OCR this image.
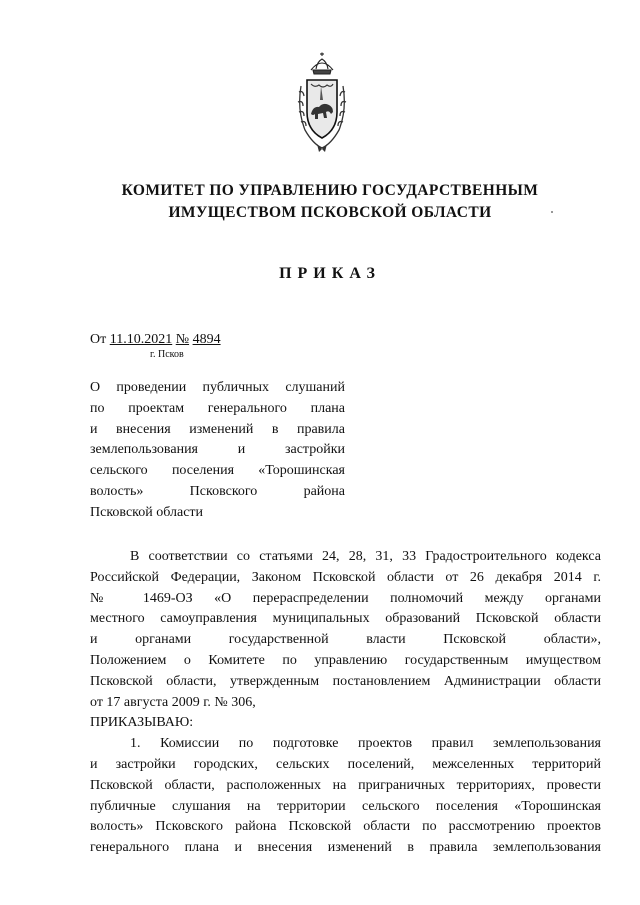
КОМИТЕТ ПО УПРАВЛЕНИЮ ГОСУДАРСТВЕННЫМ
ИМУЩЕСТВОМ ПСКОВСКОЙ ОБЛАСТИ
ПРИКАЗ
От 11.10.2021 № 4894
г. Псков
О проведении публичных слушаний
по проектам генерального плана
и внесения изменений в правила
землепользования и застройки
сельского поселения «Торошинская
волость» Псковского района
Псковской области
В соответствии со статьями 24, 28, 31, 33 Градостроительного кодекса
Российской Федерации, Законом Псковской области от 26 декабря 2014 г.
№ 1469-ОЗ «О перераспределении полномочий между органами
местного самоуправления муниципальных образований Псковской области
и органами государственной власти Псковской области»,
Положением о Комитете по управлению государственным имуществом
Псковской области, утвержденным постановлением Администрации области
от 17 августа 2009 г. № 306,
ПРИКАЗЫВАЮ:
1. Комиссии по подготовке проектов правил землепользования
и застройки городских, сельских поселений, межселенных территорий
Псковской области, расположенных на приграничных территориях, провести
публичные слушания на территории сельского поселения «Торошинская
волость» Псковского района Псковской области по рассмотрению проектов
генерального плана и внесения изменений в правила землепользования
